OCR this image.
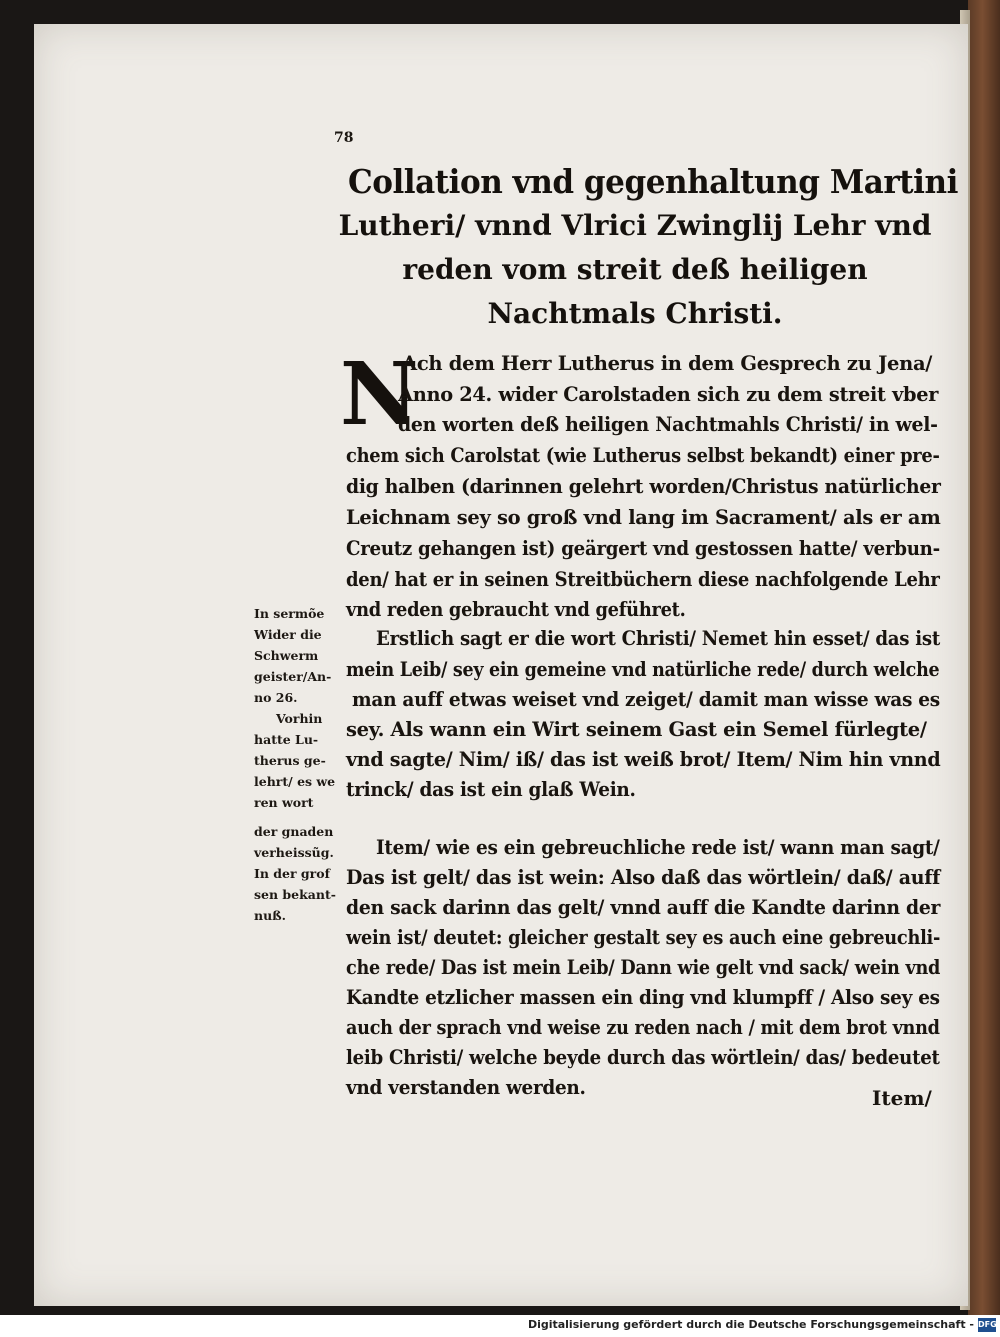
78
Collation vnd gegenhaltung Martini
Lutheri/ vnnd Vlrici Zwinglij Lehr vnd
reden vom streit deß heiligen
Nachtmals Christi.
N
Ach dem Herr Lutherus in dem Gesprech zu Jena/
Anno 24. wider Carolstaden sich zu dem streit vber
den worten deß heiligen Nachtmahls Christi/ in wel-
chem sich Carolstat (wie Lutherus selbst bekandt) einer pre-
dig halben (darinnen gelehrt worden/Christus natürlicher
Leichnam sey so groß vnd lang im Sacrament/ als er am
Creutz gehangen ist) geärgert vnd gestossen hatte/ verbun-
den/ hat er in seinen Streitbüchern diese nachfolgende Lehr
vnd reden gebraucht vnd geführet.
Erstlich sagt er die wort Christi/ Nemet hin esset/ das ist
mein Leib/ sey ein gemeine vnd natürliche rede/ durch welche
man auff etwas weiset vnd zeiget/ damit man wisse was es
sey. Als wann ein Wirt seinem Gast ein Semel fürlegte/
vnd sagte/ Nim/ iß/ das ist weiß brot/ Item/ Nim hin vnnd
trinck/ das ist ein glaß Wein.
Item/ wie es ein gebreuchliche rede ist/ wann man sagt/
Das ist gelt/ das ist wein: Also daß das wörtlein/ daß/ auff
den sack darinn das gelt/ vnnd auff die Kandte darinn der
wein ist/ deutet: gleicher gestalt sey es auch eine gebreuchli-
che rede/ Das ist mein Leib/ Dann wie gelt vnd sack/ wein vnd
Kandte etzlicher massen ein ding vnd klumpff / Also sey es
auch der sprach vnd weise zu reden nach / mit dem brot vnnd
leib Christi/ welche beyde durch das wörtlein/ das/ bedeutet
vnd verstanden werden.
In sermõe
Wider die
Schwerm
geister/An-
no 26.
Vorhin
hatte Lu-
therus ge-
lehrt/ es we
ren wort
der gnaden
verheissũg.
In der grof
sen bekant-
nuß.
Item/
Digitalisierung gefördert durch die Deutsche Forschungsgemeinschaft - DFG
